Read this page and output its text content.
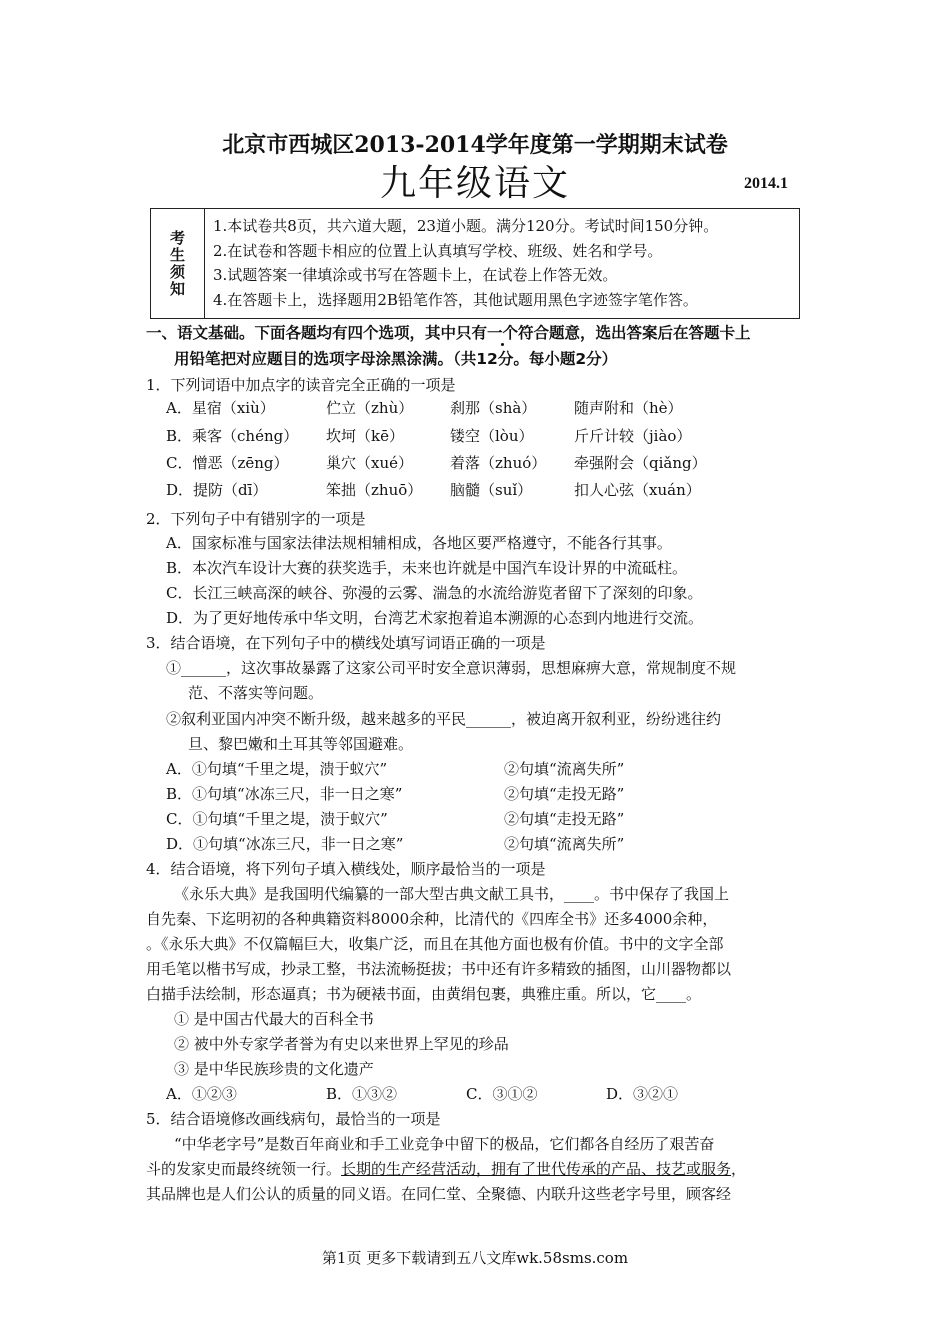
北京市西城区2013-2014学年度第一学期期末试卷
九年级语文	2014.1
考生须知
1.本试卷共8页，共六道大题，23道小题。满分120分。考试时间150分钟。
2.在试卷和答题卡相应的位置上认真填写学校、班级、姓名和学号。
3.试题答案一律填涂或书写在答题卡上，在试卷上作答无效。
4.在答题卡上，选择题用2B铅笔作答，其他试题用黑色字迹签字笔作答。
一、语文基础。下面各题均有四个选项，其中只有一个符合题意，选出答案后在答题卡上
用铅笔把对应题目的选项字母涂黑涂满。（共12分。每小题2分）
1．下列词语中加点字的读音完全正确的一项是
A．星宿（xiù）	伫立（zhù） 刹那（shà）	随声附和（hè）
B．乘客（chéng） 坎坷（kē）	镂空（lòu）	斤斤计较（jiào）
C．憎恶（zēng） 巢穴（xué） 着落（zhuó） 牵强附会（qiǎng）
D．提防（dī）	笨拙（zhuō） 脑髓（suǐ）	扣人心弦（xuán）
2．下列句子中有错别字的一项是
A．国家标准与国家法律法规相辅相成，各地区要严格遵守，不能各行其事。
B．本次汽车设计大赛的获奖选手，未来也许就是中国汽车设计界的中流砥柱。
C．长江三峡高深的峡谷、弥漫的云雾、湍急的水流给游览者留下了深刻的印象。
D．为了更好地传承中华文明，台湾艺术家抱着追本溯源的心态到内地进行交流。
3．结合语境，在下列句子中的横线处填写词语正确的一项是
①______，这次事故暴露了这家公司平时安全意识薄弱，思想麻痹大意，常规制度不规
范、不落实等问题。
②叙利亚国内冲突不断升级，越来越多的平民______，被迫离开叙利亚，纷纷逃往约
旦、黎巴嫩和土耳其等邻国避难。
A．①句填“千里之堤，溃于蚁穴”	②句填“流离失所”
B．①句填“冰冻三尺，非一日之寒”	②句填“走投无路”
C．①句填“千里之堤，溃于蚁穴”	②句填“走投无路”
D．①句填“冰冻三尺，非一日之寒”	②句填“流离失所”
4．结合语境，将下列句子填入横线处，顺序最恰当的一项是
《永乐大典》是我国明代编纂的一部大型古典文献工具书，____。书中保存了我国上
自先秦、下迄明初的各种典籍资料8000余种，比清代的《四库全书》还多4000余种，
。《永乐大典》不仅篇幅巨大，收集广泛，而且在其他方面也极有价值。书中的文字全部
用毛笔以楷书写成，抄录工整，书法流畅挺拔；书中还有许多精致的插图，山川器物都以
白描手法绘制，形态逼真；书为硬裱书面，由黄绢包裹，典雅庄重。所以，它____。
① 是中国古代最大的百科全书
② 被中外专家学者誉为有史以来世界上罕见的珍品
③ 是中华民族珍贵的文化遗产
A．①②③	B．①③②	C．③①②	D．③②①
5．结合语境修改画线病句，最恰当的一项是
“中华老字号”是数百年商业和手工业竞争中留下的极品，它们都各自经历了艰苦奋
斗的发家史而最终统领一行。长期的生产经营活动，拥有了世代传承的产品、技艺或服务，
其品牌也是人们公认的质量的同义语。在同仁堂、全聚德、内联升这些老字号里，顾客经
第1页 更多下载请到五八文库wk.58sms.com
